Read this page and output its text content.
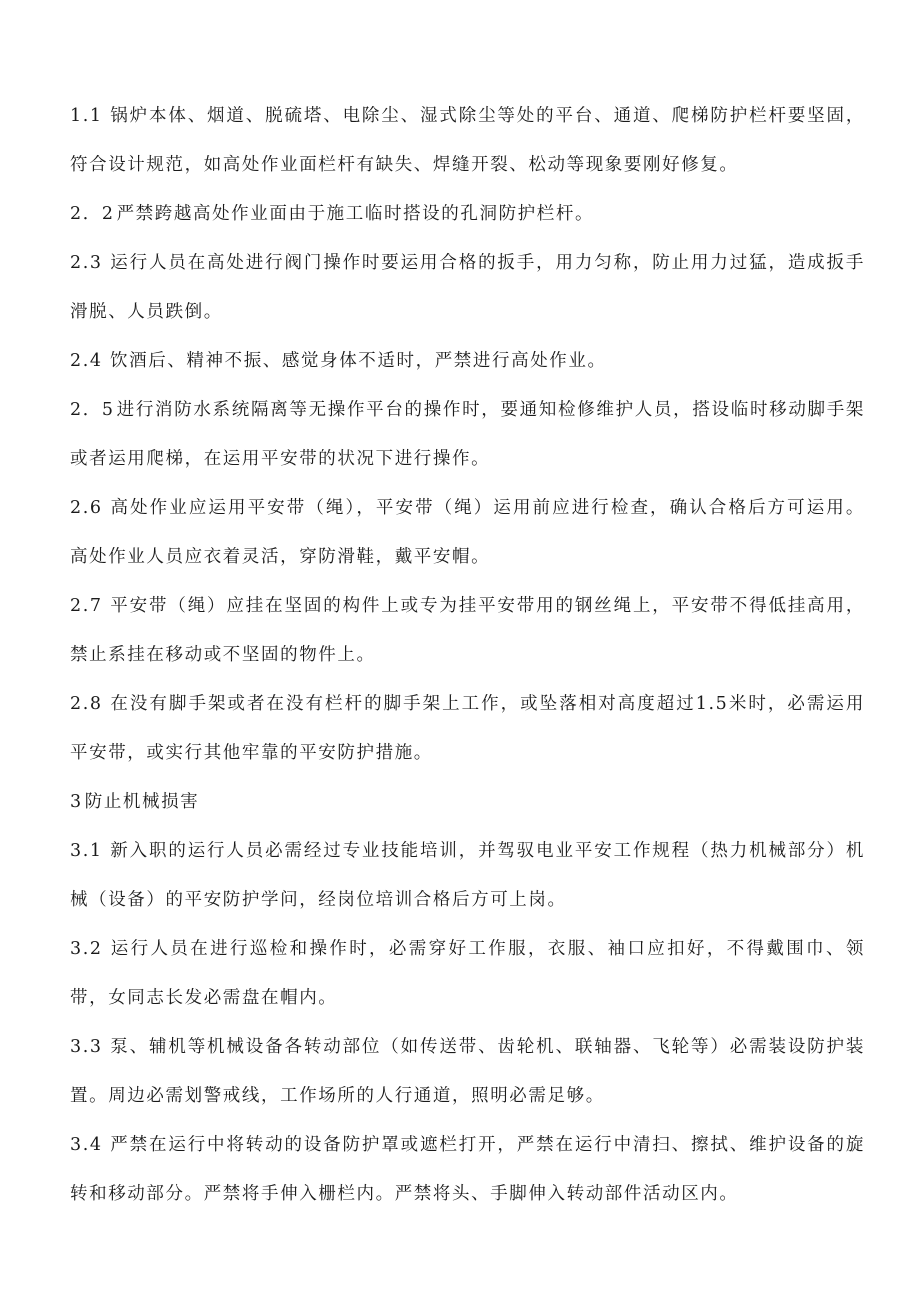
1.1 锅炉本体、烟道、脱硫塔、电除尘、湿式除尘等处的平台、通道、爬梯防护栏杆要坚固，符合设计规范，如高处作业面栏杆有缺失、焊缝开裂、松动等现象要刚好修复。

2．2 严禁跨越高处作业面由于施工临时搭设的孔洞防护栏杆。

2.3 运行人员在高处进行阀门操作时要运用合格的扳手，用力匀称，防止用力过猛，造成扳手滑脱、人员跌倒。

2.4 饮酒后、精神不振、感觉身体不适时，严禁进行高处作业。

2．5 进行消防水系统隔离等无操作平台的操作时，要通知检修维护人员，搭设临时移动脚手架或者运用爬梯，在运用平安带的状况下进行操作。

2.6 高处作业应运用平安带（绳），平安带（绳）运用前应进行检查，确认合格后方可运用。高处作业人员应衣着灵活，穿防滑鞋，戴平安帽。

2.7 平安带（绳）应挂在坚固的构件上或专为挂平安带用的钢丝绳上，平安带不得低挂高用，禁止系挂在移动或不坚固的物件上。

2.8 在没有脚手架或者在没有栏杆的脚手架上工作，或坠落相对高度超过1.5米时，必需运用平安带，或实行其他牢靠的平安防护措施。

3 防止机械损害

3.1 新入职的运行人员必需经过专业技能培训，并驾驭电业平安工作规程（热力机械部分）机械（设备）的平安防护学问，经岗位培训合格后方可上岗。

3.2 运行人员在进行巡检和操作时，必需穿好工作服，衣服、袖口应扣好，不得戴围巾、领带，女同志长发必需盘在帽内。

3.3 泵、辅机等机械设备各转动部位（如传送带、齿轮机、联轴器、飞轮等）必需装设防护装置。周边必需划警戒线，工作场所的人行通道，照明必需足够。

3.4 严禁在运行中将转动的设备防护罩或遮栏打开，严禁在运行中清扫、擦拭、维护设备的旋转和移动部分。严禁将手伸入栅栏内。严禁将头、手脚伸入转动部件活动区内。
